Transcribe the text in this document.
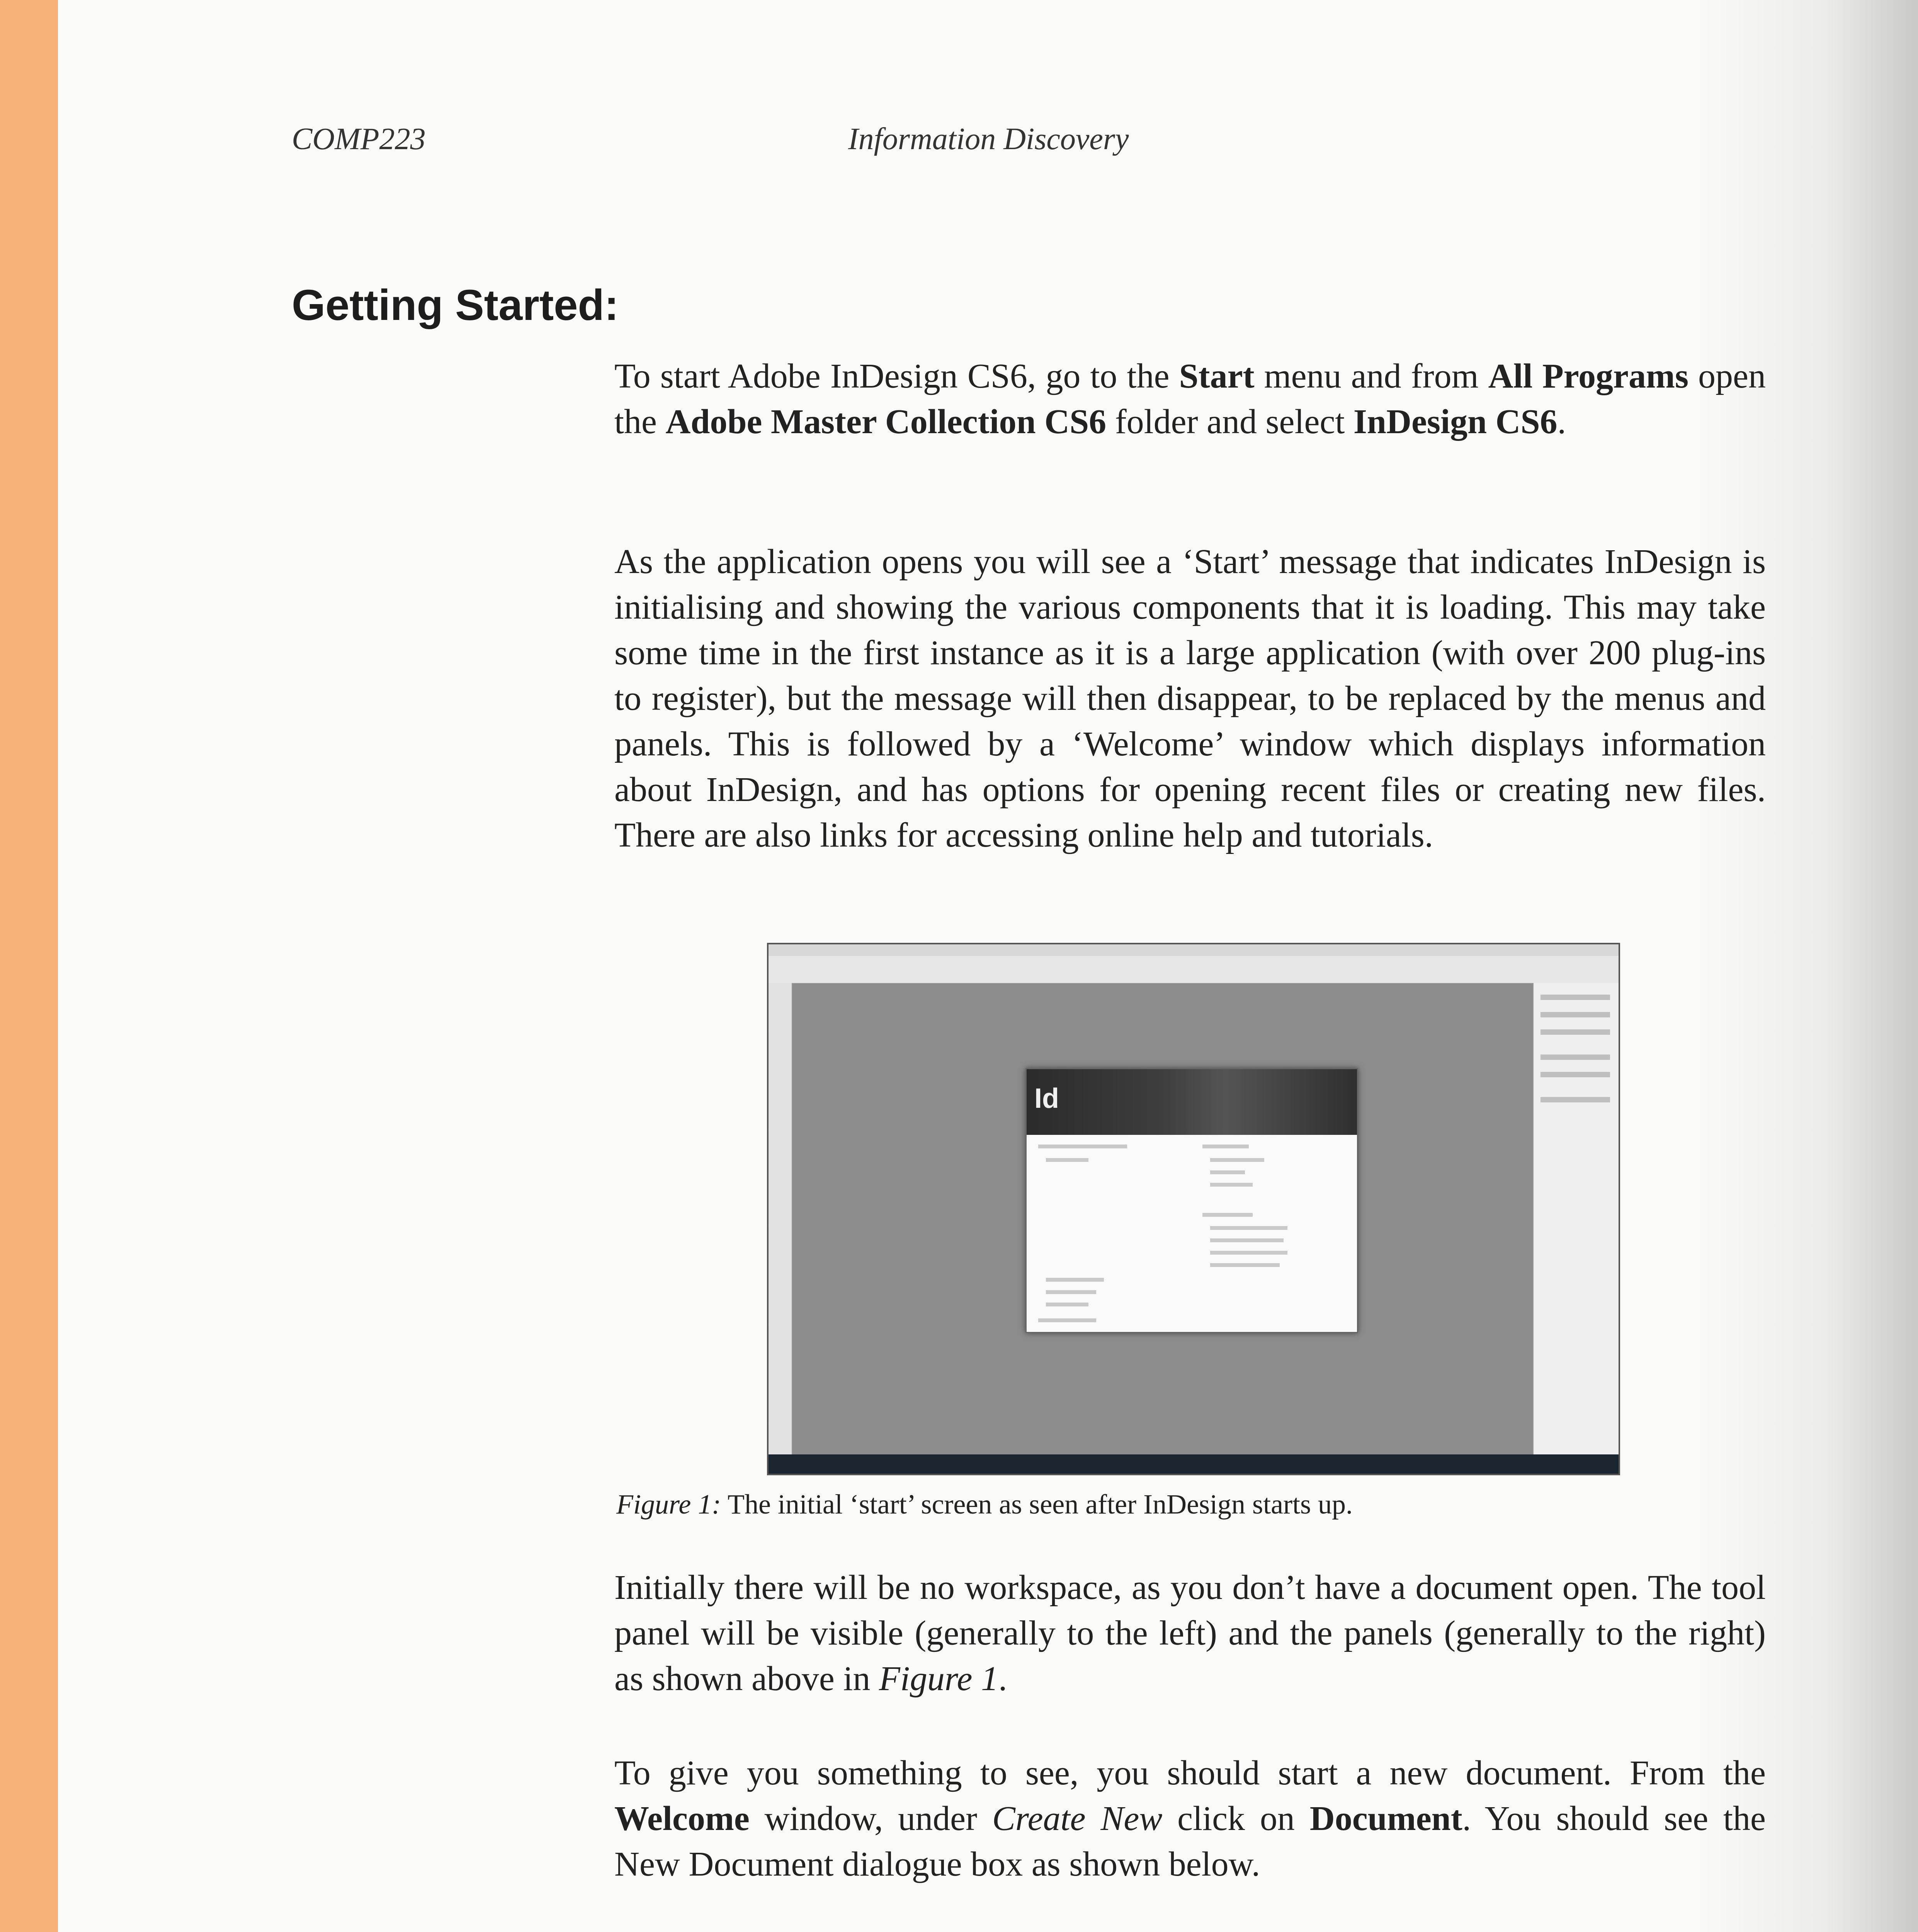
COMP223	Information Discovery
Getting Started:

To start Adobe InDesign CS6, go to the Start menu and from All Programs open the Adobe Master Collection CS6 folder and select InDesign CS6.

As the application opens you will see a ‘Start’ message that indicates InDesign is initialising and showing the various components that it is loading. This may take some time in the first instance as it is a large application (with over 200 plug-ins to register), but the message will then disappear, to be replaced by the menus and panels. This is followed by a ‘Welcome’ window which displays information about InDesign, and has options for opening recent files or creating new files. There are also links for accessing online help and tutorials.

Id
Figure 1: The initial ‘start’ screen as seen after InDesign starts up.

Initially there will be no workspace, as you don’t have a document open. The tool panel will be visible (generally to the left) and the panels (generally to the right) as shown above in Figure 1.

To give you something to see, you should start a new document. From the Welcome window, under Create New click on Document. You should see the New Document dialogue box as shown below.
